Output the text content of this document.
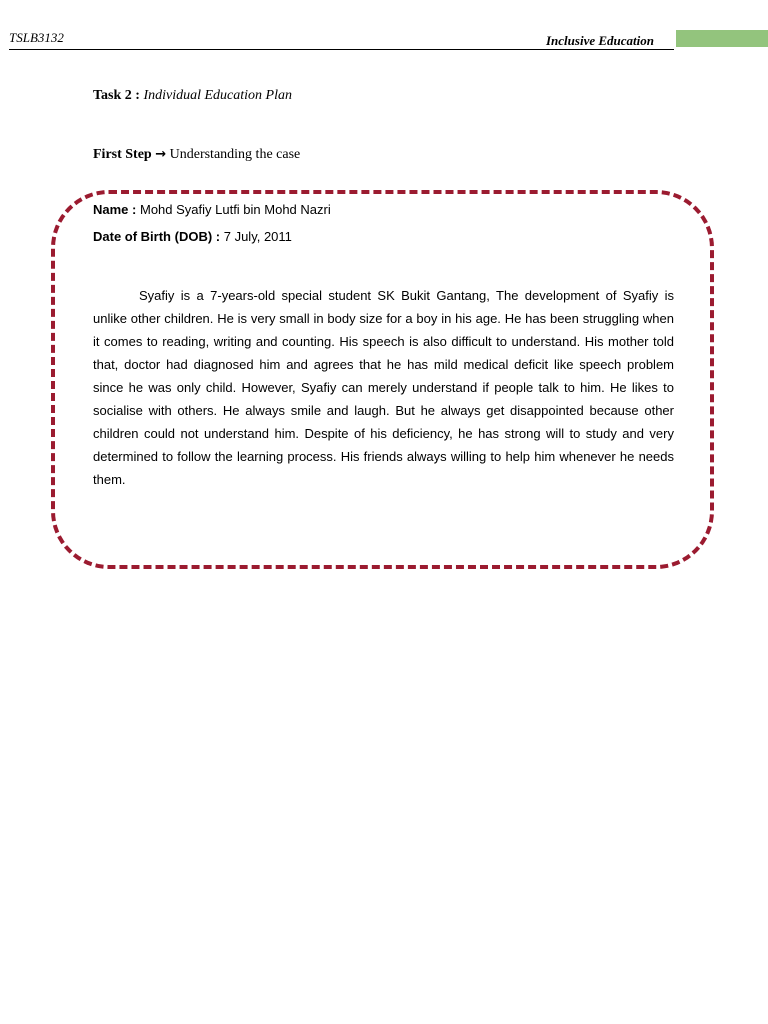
TSLB3132	Inclusive Education
Task 2 : Individual Education Plan
First Step → Understanding the case
Name : Mohd Syafiy Lutfi bin Mohd Nazri
Date of Birth (DOB) : 7 July, 2011

Syafiy is a 7-years-old special student SK Bukit Gantang, The development of Syafiy is unlike other children. He is very small in body size for a boy in his age. He has been struggling when it comes to reading, writing and counting. His speech is also difficult to understand. His mother told that, doctor had diagnosed him and agrees that he has mild medical deficit like speech problem since he was only child. However, Syafiy can merely understand if people talk to him. He likes to socialise with others. He always smile and laugh. But he always get disappointed because other children could not understand him. Despite of his deficiency, he has strong will to study and very determined to follow the learning process. His friends always willing to help him whenever he needs them.
